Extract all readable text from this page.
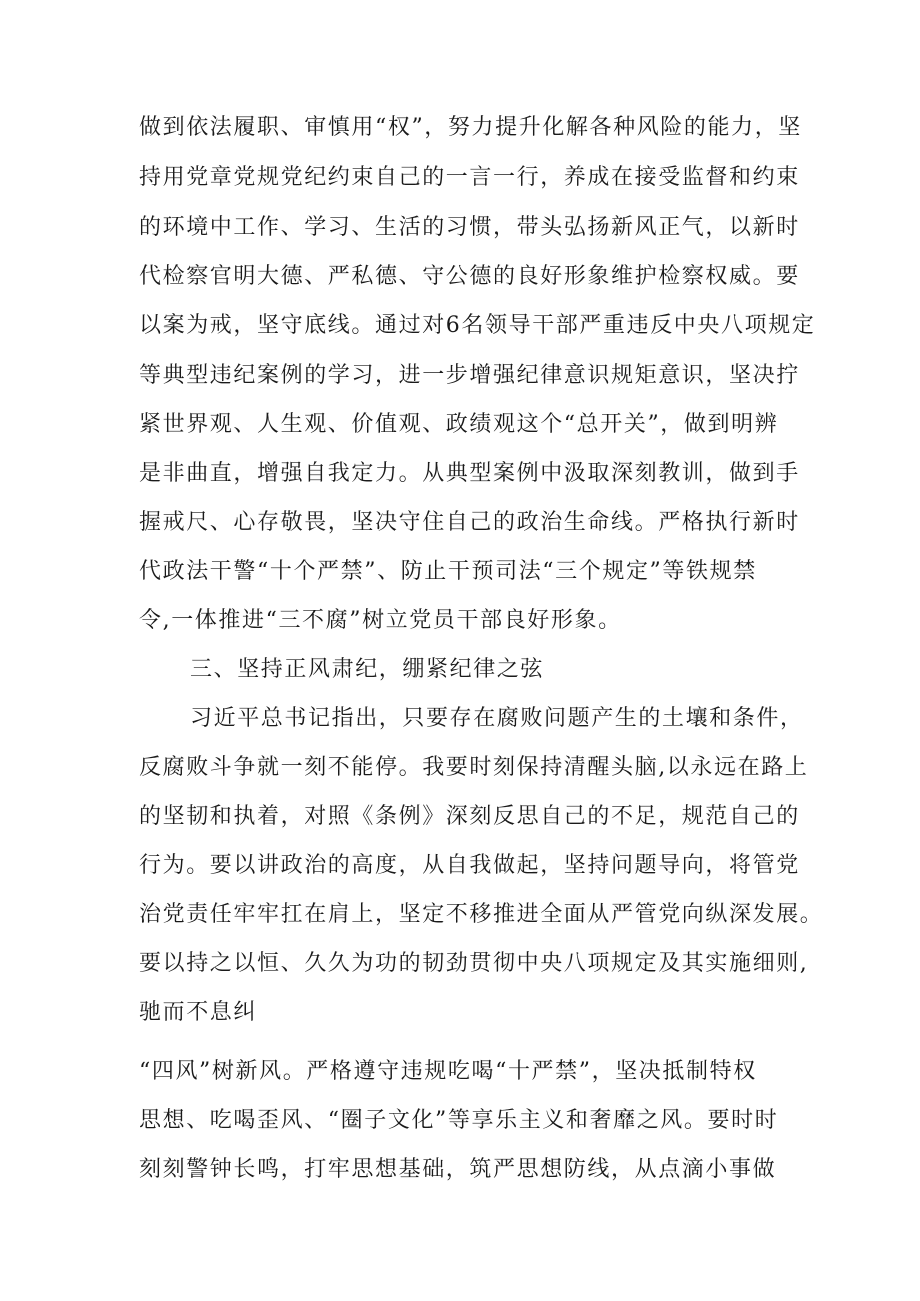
做到依法履职、审慎用“权”，努力提升化解各种风险的能力，坚
持用党章党规党纪约束自己的一言一行，养成在接受监督和约束
的环境中工作、学习、生活的习惯，带头弘扬新风正气，以新时
代检察官明大德、严私德、守公德的良好形象维护检察权威。要
以案为戒，坚守底线。通过对6名领导干部严重违反中央八项规定
等典型违纪案例的学习，进一步增强纪律意识规矩意识，坚决拧
紧世界观、人生观、价值观、政绩观这个“总开关”，做到明辨
是非曲直，增强自我定力。从典型案例中汲取深刻教训，做到手
握戒尺、心存敬畏，坚决守住自己的政治生命线。严格执行新时
代政法干警“十个严禁”、防止干预司法“三个规定”等铁规禁
令,一体推进“三不腐”树立党员干部良好形象。
三、坚持正风肃纪，绷紧纪律之弦
习近平总书记指出，只要存在腐败问题产生的土壤和条件，
反腐败斗争就一刻不能停。我要时刻保持清醒头脑,以永远在路上
的坚韧和执着，对照《条例》深刻反思自己的不足，规范自己的
行为。要以讲政治的高度，从自我做起，坚持问题导向，将管党
治党责任牢牢扛在肩上，坚定不移推进全面从严管党向纵深发展。
要以持之以恒、久久为功的韧劲贯彻中央八项规定及其实施细则,
驰而不息纠
“四风”树新风。严格遵守违规吃喝“十严禁”，坚决抵制特权
思想、吃喝歪风、“圈子文化”等享乐主义和奢靡之风。要时时
刻刻警钟长鸣，打牢思想基础，筑严思想防线，从点滴小事做
